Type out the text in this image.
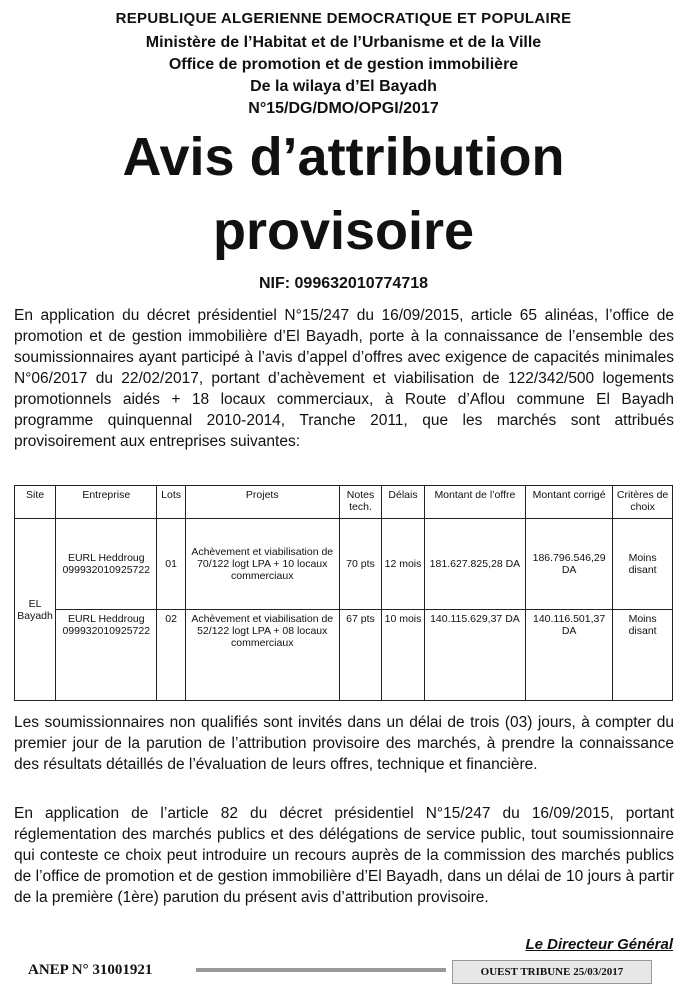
REPUBLIQUE ALGERIENNE DEMOCRATIQUE ET POPULAIRE
Ministère de l’Habitat et de l’Urbanisme et de la Ville
Office de promotion et de gestion immobilière
De la wilaya d’El Bayadh
N°15/DG/DMO/OPGI/2017
Avis d’attribution
provisoire
NIF: 09963201077471​8
En application du décret présidentiel N°15/247 du 16/09/2015, article 65 alinéas, l’office de promotion et de gestion immobilière d’El Bayadh, porte à la connaissance de l’ensemble des soumissionnaires ayant participé à l’avis d’appel d’offres avec exigence de capacités minimales N°06/2017 du 22/02/2017, portant d’achèvement et viabilisation de 122/342/500 logements promotionnels aidés + 18 locaux commerciaux, à Route d’Aflou commune El Bayadh programme quinquennal 2010-2014, Tranche 2011, que les marchés sont attribués provisoirement aux entreprises suivantes:
Site	Entreprise	Lots	Projets	Notes tech.	Délais	Montant de l’offre	Montant corrigé	Critères de choix
EL Bayadh	EURL Heddroug 099932010925722	01	Achèvement et viabilisation de 70/122 logt LPA + 10 locaux commerciaux	70 pts	12 mois	181.627.825,28 DA	186.796.546,29 DA	Moins disant
	EURL Heddroug 099932010925722	02	Achèvement et viabilisation de 52/122 logt LPA + 08 locaux commerciaux	67 pts	10 mois	140.115.629,37 DA	140.116.501,37 DA	Moins disant
Les soumissionnaires non qualifiés sont invités dans un délai de trois (03) jours, à compter du premier jour de la parution de l’attribution provisoire des marchés, à prendre la connaissance des résultats détaillés de l’évaluation de leurs offres, technique et financière.
En application de l’article 82 du décret présidentiel N°15/247 du 16/09/2015, portant réglementation des marchés publics et des délégations de service public, tout soumissionnaire qui conteste ce choix peut introduire un recours auprès de la commission des marchés publics de l’office de promotion et de gestion immobilière d’El Bayadh, dans un délai de 10 jours à partir de la première (1ère) parution du présent avis d’attribution provisoire.
Le Directeur Général
ANEP N° 31001921	OUEST TRIBUNE 25/03/2017
